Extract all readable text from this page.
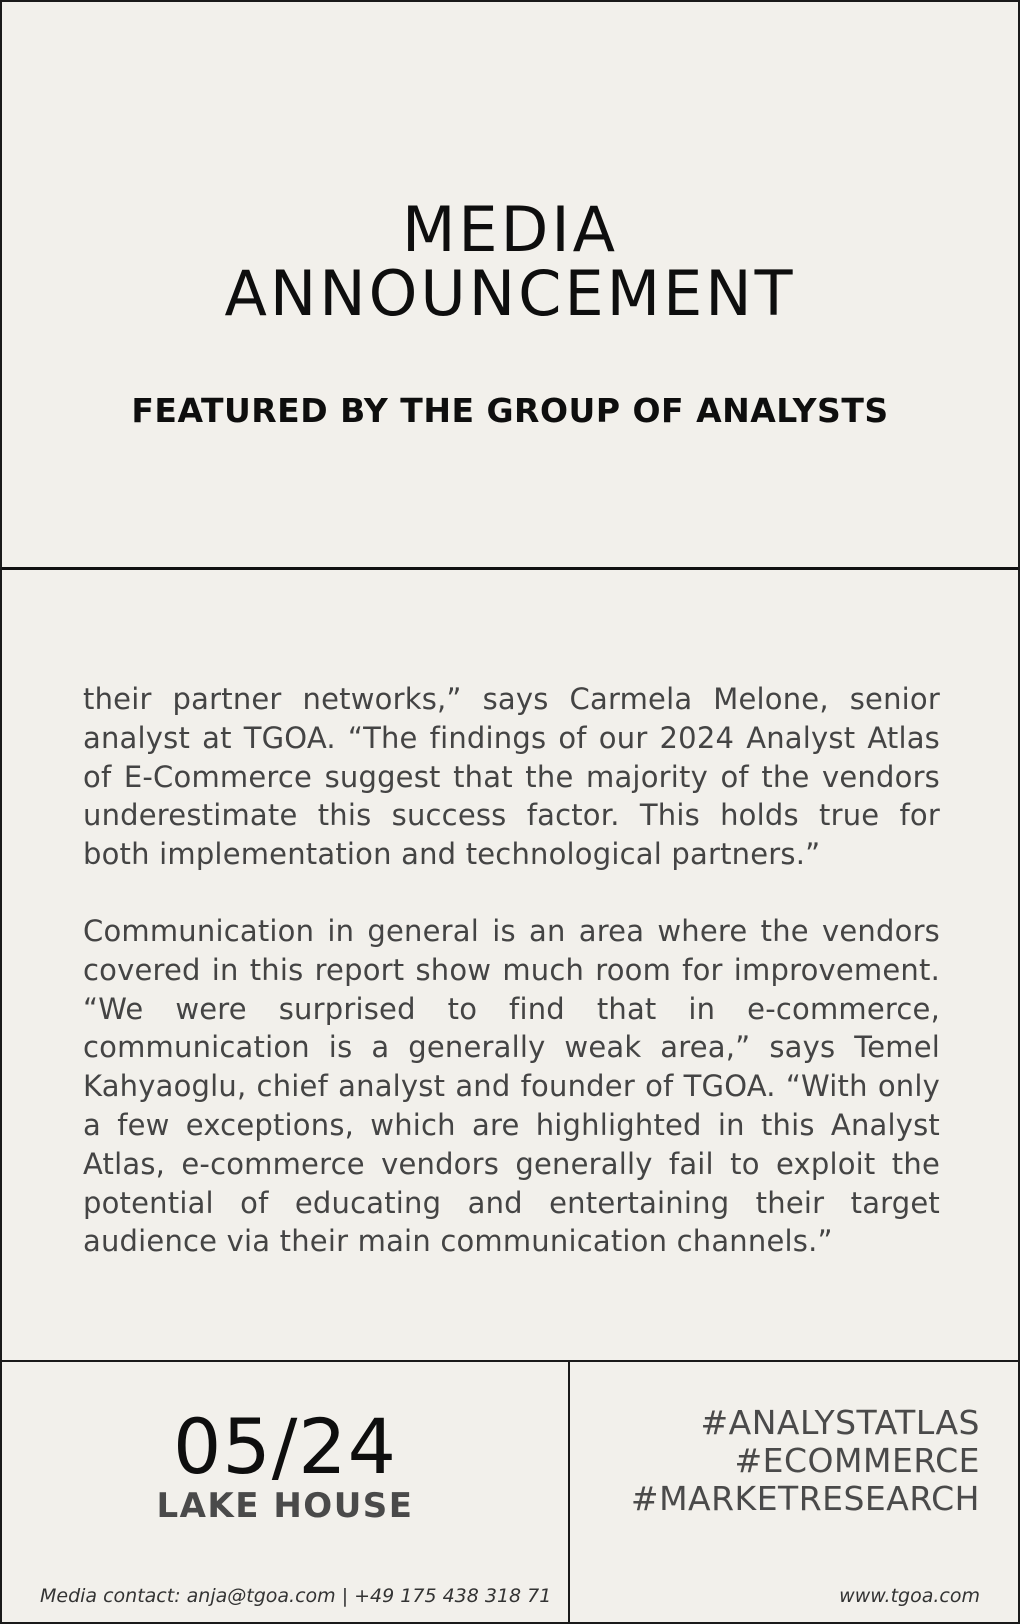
MEDIA
ANNOUNCEMENT
FEATURED BY THE GROUP OF ANALYSTS

their partner networks,” says Carmela Melone, senior analyst at TGOA. “The findings of our 2024 Analyst Atlas of E-Commerce suggest that the majority of the vendors underestimate this success factor. This holds true for both implementation and technological partners.”

Communication in general is an area where the vendors covered in this report show much room for improvement. “We were surprised to find that in e-commerce, communication is a generally weak area,” says Temel Kahyaoglu, chief analyst and founder of TGOA. “With only a few exceptions, which are highlighted in this Analyst Atlas, e-commerce vendors generally fail to exploit the potential of educating and entertaining their target audience via their main communication channels.”

05/24
LAKE HOUSE
Media contact: anja@tgoa.com | +49 175 438 318 71
#ANALYSTATLAS
#ECOMMERCE
#MARKETRESEARCH
www.tgoa.com
